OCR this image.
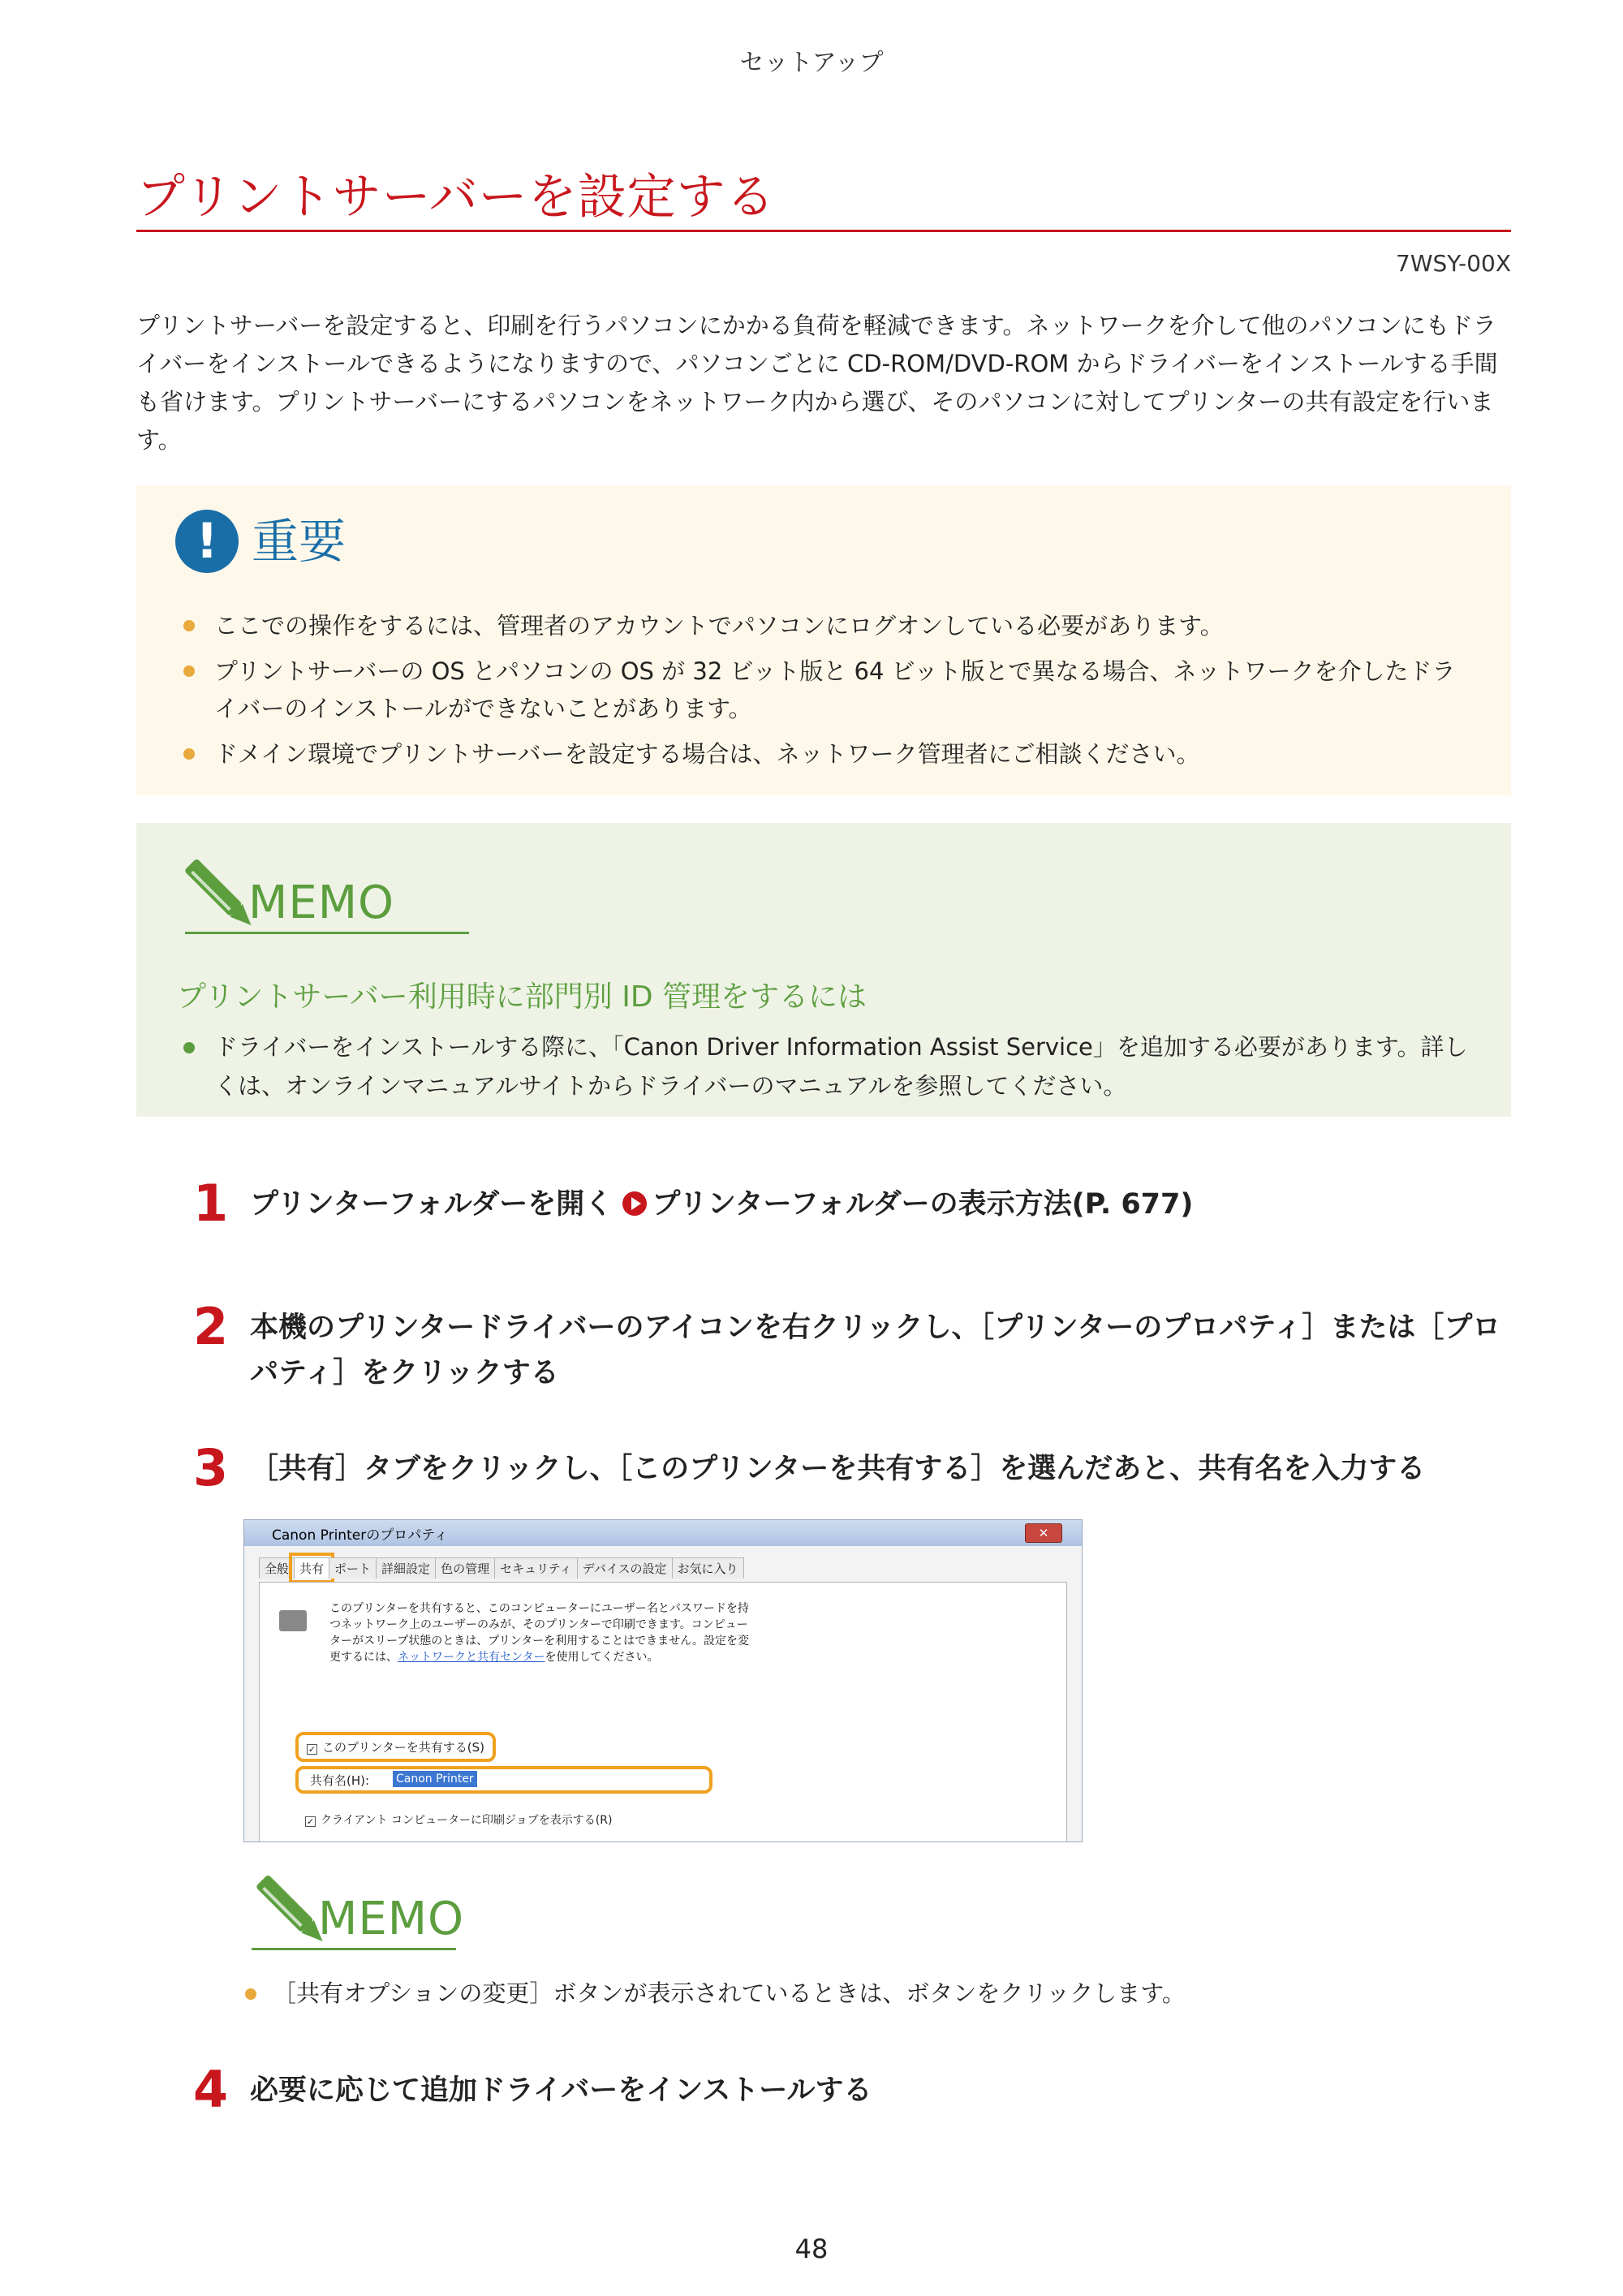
セットアップ
プリントサーバーを設定する
7WSY-00X
プリントサーバーを設定すると、印刷を行うパソコンにかかる負荷を軽減できます。ネットワークを介して他のパソコンにもドライバーをインストールできるようになりますので、パソコンごとに CD-ROM/DVD-ROM からドライバーをインストールする手間も省けます。プリントサーバーにするパソコンをネットワーク内から選び、そのパソコンに対してプリンターの共有設定を行います。
! 重要
ここでの操作をするには、管理者のアカウントでパソコンにログオンしている必要があります。
プリントサーバーの OS とパソコンの OS が 32 ビット版と 64 ビット版とで異なる場合、ネットワークを介したドライバーのインストールができないことがあります。
ドメイン環境でプリントサーバーを設定する場合は、ネットワーク管理者にご相談ください。
MEMO
プリントサーバー利用時に部門別 ID 管理をするには
ドライバーをインストールする際に、「Canon Driver Information Assist Service」を追加する必要があります。詳しくは、オンラインマニュアルサイトからドライバーのマニュアルを参照してください。
1 プリンターフォルダーを開く プリンターフォルダーの表示方法(P. 677)
2 本機のプリンタードライバーのアイコンを右クリックし、［プリンターのプロパティ］または［プロパティ］をクリックする
3 ［共有］タブをクリックし、［このプリンターを共有する］を選んだあと、共有名を入力する
Canon Printerのプロパティ	✕
全般 共有 ポート 詳細設定 色の管理 セキュリティ デバイスの設定 お気に入り
このプリンターを共有すると、このコンピューターにユーザー名とパスワードを持つネットワーク上のユーザーのみが、そのプリンターで印刷できます。コンピューターがスリープ状態のときは、プリンターを利用することはできません。設定を変更するには、ネットワークと共有センターを使用してください。
✓ このプリンターを共有する(S)
共有名(H): Canon Printer
✓ クライアント コンピューターに印刷ジョブを表示する(R)
MEMO
［共有オプションの変更］ボタンが表示されているときは、ボタンをクリックします。
4 必要に応じて追加ドライバーをインストールする
48
